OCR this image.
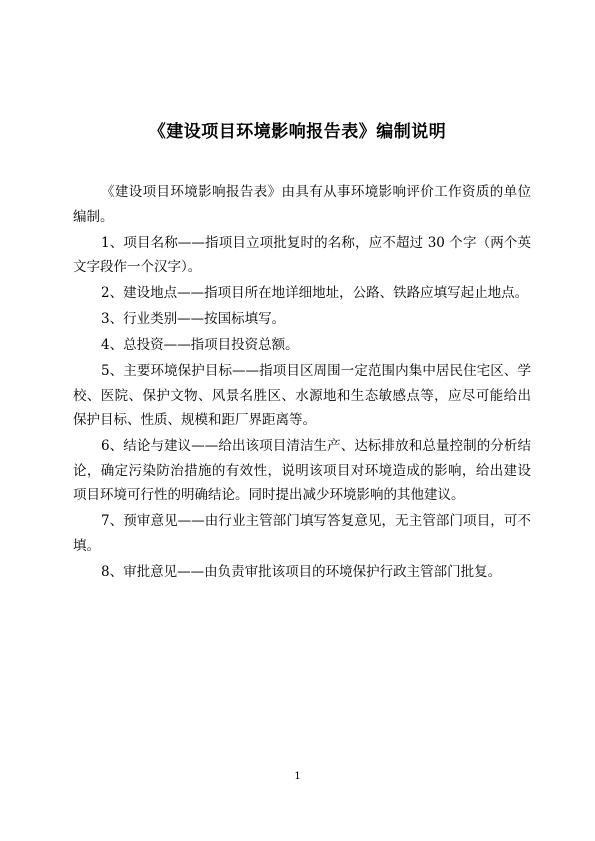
《建设项目环境影响报告表》编制说明

《建设项目环境影响报告表》由具有从事环境影响评价工作资质的单位编制。

1、项目名称——指项目立项批复时的名称，应不超过 30 个字（两个英文字段作一个汉字）。

2、建设地点——指项目所在地详细地址，公路、铁路应填写起止地点。

3、行业类别——按国标填写。

4、总投资——指项目投资总额。

5、主要环境保护目标——指项目区周围一定范围内集中居民住宅区、学校、医院、保护文物、风景名胜区、水源地和生态敏感点等，应尽可能给出保护目标、性质、规模和距厂界距离等。

6、结论与建议——给出该项目清洁生产、达标排放和总量控制的分析结论，确定污染防治措施的有效性，说明该项目对环境造成的影响，给出建设项目环境可行性的明确结论。同时提出减少环境影响的其他建议。

7、预审意见——由行业主管部门填写答复意见，无主管部门项目，可不填。

8、审批意见——由负责审批该项目的环境保护行政主管部门批复。

1
